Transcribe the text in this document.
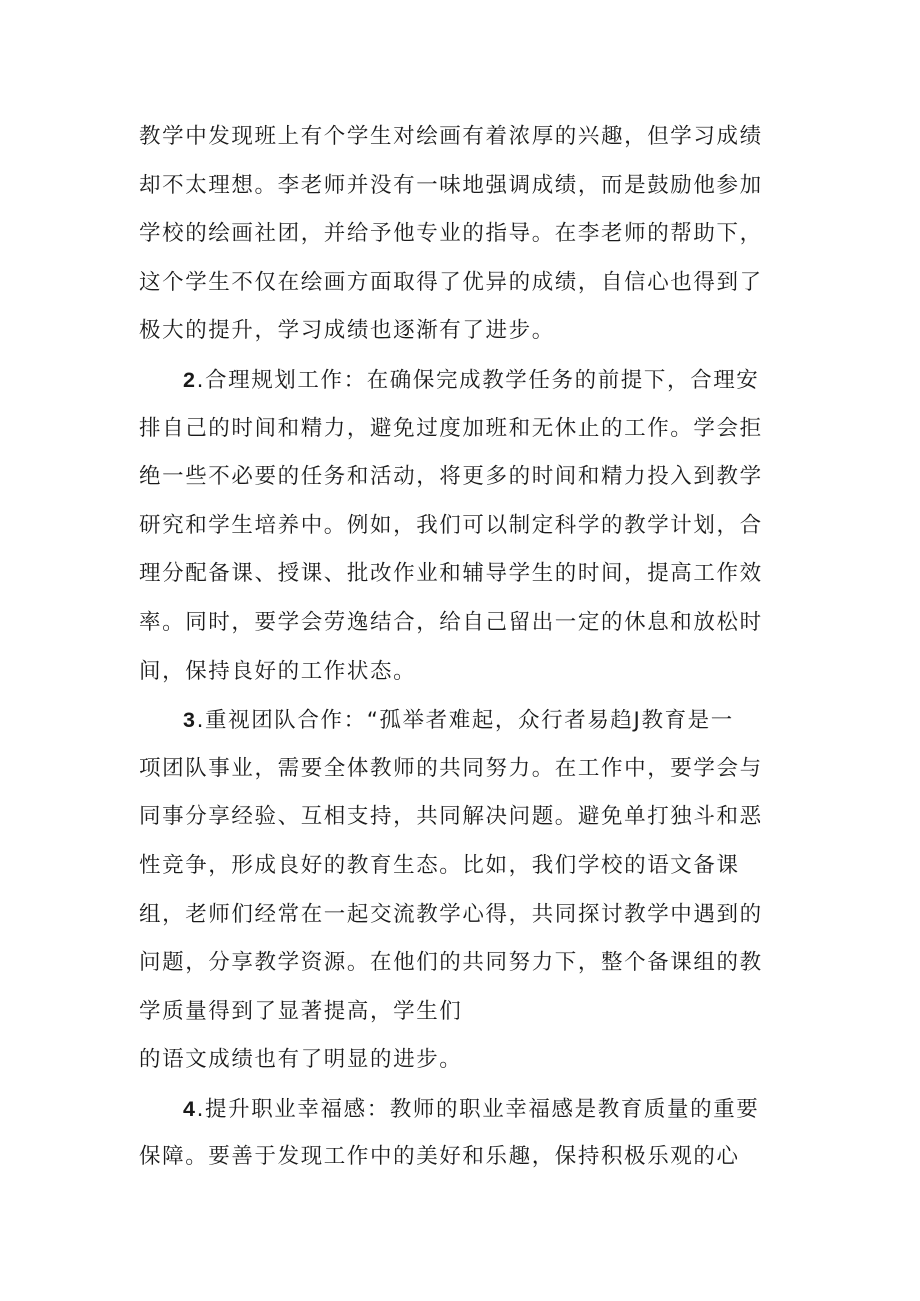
教学中发现班上有个学生对绘画有着浓厚的兴趣，但学习成绩
却不太理想。李老师并没有一味地强调成绩，而是鼓励他参加
学校的绘画社团，并给予他专业的指导。在李老师的帮助下，
这个学生不仅在绘画方面取得了优异的成绩，自信心也得到了
极大的提升，学习成绩也逐渐有了进步。
2.合理规划工作：在确保完成教学任务的前提下，合理安
排自己的时间和精力，避免过度加班和无休止的工作。学会拒
绝一些不必要的任务和活动，将更多的时间和精力投入到教学
研究和学生培养中。例如，我们可以制定科学的教学计划，合
理分配备课、授课、批改作业和辅导学生的时间，提高工作效
率。同时，要学会劳逸结合，给自己留出一定的休息和放松时
间，保持良好的工作状态。
3.重视团队合作：“孤举者难起，众行者易趋J教育是一
项团队事业，需要全体教师的共同努力。在工作中，要学会与
同事分享经验、互相支持，共同解决问题。避免单打独斗和恶
性竞争，形成良好的教育生态。比如，我们学校的语文备课
组，老师们经常在一起交流教学心得，共同探讨教学中遇到的
问题，分享教学资源。在他们的共同努力下，整个备课组的教
学质量得到了显著提高，学生们
的语文成绩也有了明显的进步。
4.提升职业幸福感：教师的职业幸福感是教育质量的重要
保障。要善于发现工作中的美好和乐趣，保持积极乐观的心
